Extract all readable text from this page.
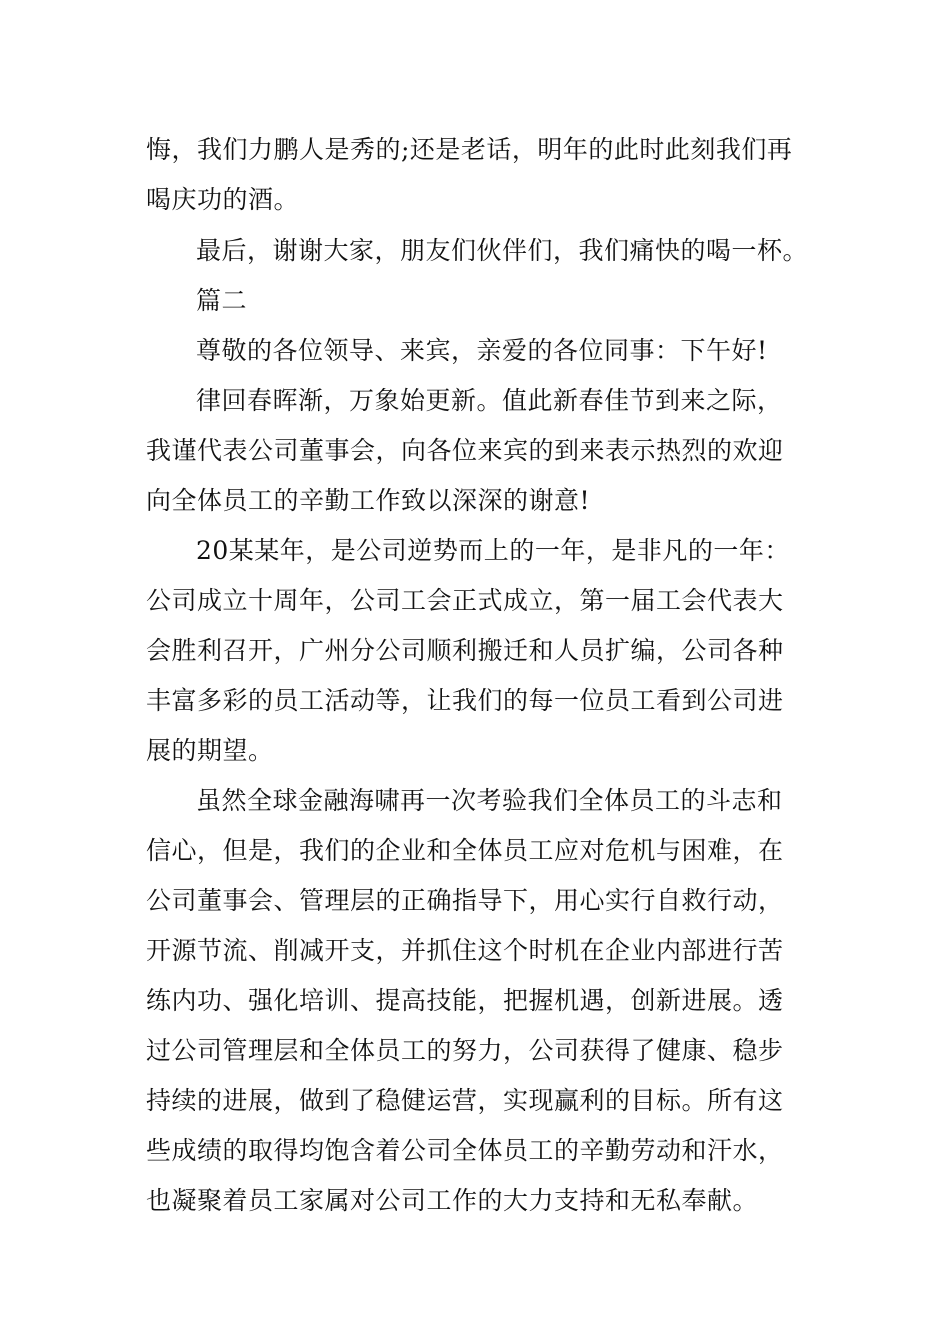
悔，我们力鹏人是秀的;还是老话，明年的此时此刻我们再
喝庆功的酒。
最后，谢谢大家，朋友们伙伴们，我们痛快的喝一杯。
篇二
尊敬的各位领导、来宾，亲爱的各位同事：下午好!
律回春晖渐，万象始更新。值此新春佳节到来之际，
我谨代表公司董事会，向各位来宾的到来表示热烈的欢迎
向全体员工的辛勤工作致以深深的谢意!
20某某年，是公司逆势而上的一年，是非凡的一年：
公司成立十周年，公司工会正式成立，第一届工会代表大
会胜利召开，广州分公司顺利搬迁和人员扩编，公司各种
丰富多彩的员工活动等，让我们的每一位员工看到公司进
展的期望。
虽然全球金融海啸再一次考验我们全体员工的斗志和
信心，但是，我们的企业和全体员工应对危机与困难，在
公司董事会、管理层的正确指导下，用心实行自救行动，
开源节流、削减开支，并抓住这个时机在企业内部进行苦
练内功、强化培训、提高技能，把握机遇，创新进展。透
过公司管理层和全体员工的努力，公司获得了健康、稳步
持续的进展，做到了稳健运营，实现赢利的目标。所有这
些成绩的取得均饱含着公司全体员工的辛勤劳动和汗水，
也凝聚着员工家属对公司工作的大力支持和无私奉献。
